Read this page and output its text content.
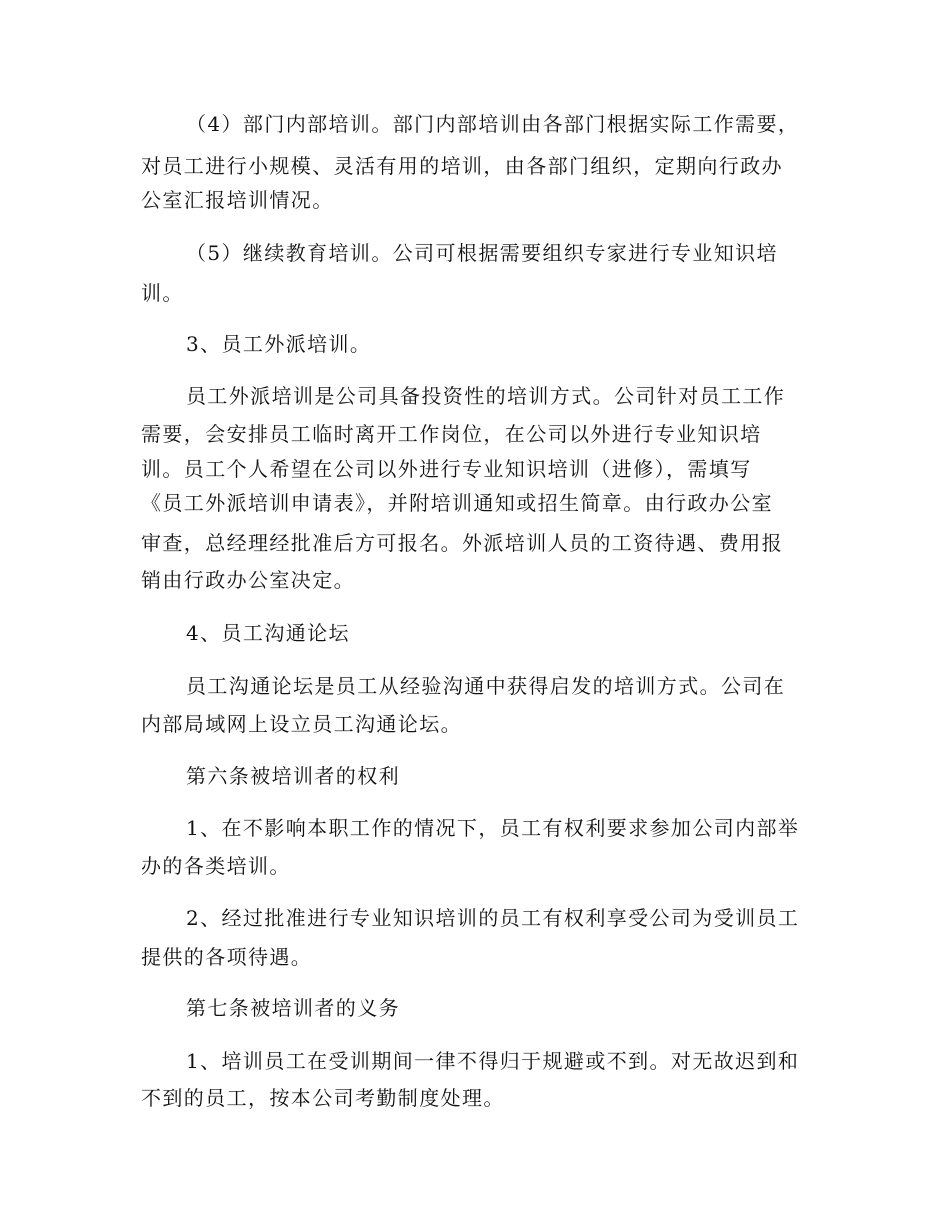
（4）部门内部培训。部门内部培训由各部门根据实际工作需要，
对员工进行小规模、灵活有用的培训，由各部门组织，定期向行政办
公室汇报培训情况。
（5）继续教育培训。公司可根据需要组织专家进行专业知识培
训。
3、员工外派培训。
员工外派培训是公司具备投资性的培训方式。公司针对员工工作
需要，会安排员工临时离开工作岗位，在公司以外进行专业知识培
训。员工个人希望在公司以外进行专业知识培训（进修），需填写
《员工外派培训申请表》，并附培训通知或招生简章。由行政办公室
审查，总经理经批准后方可报名。外派培训人员的工资待遇、费用报
销由行政办公室决定。
4、员工沟通论坛
员工沟通论坛是员工从经验沟通中获得启发的培训方式。公司在
内部局域网上设立员工沟通论坛。
第六条被培训者的权利
1、在不影响本职工作的情况下，员工有权利要求参加公司内部举
办的各类培训。
2、经过批准进行专业知识培训的员工有权利享受公司为受训员工
提供的各项待遇。
第七条被培训者的义务
1、培训员工在受训期间一律不得归于规避或不到。对无故迟到和
不到的员工，按本公司考勤制度处理。
